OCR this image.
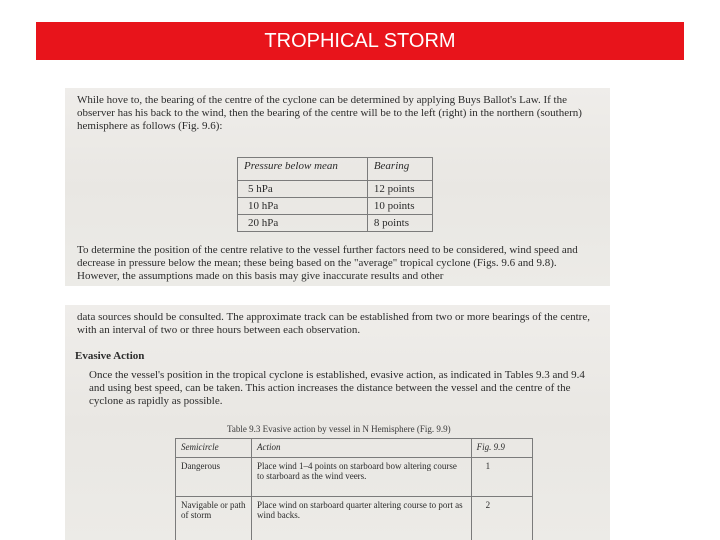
TROPHICAL STORM

While hove to, the bearing of the centre of the cyclone can be determined by applying Buys Ballot's Law. If the observer has his back to the wind, then the bearing of the centre will be to the left (right) in the northern (southern) hemisphere as follows (Fig. 9.6):

Pressure below mean	Bearing
5 hPa	12 points
10 hPa	10 points
20 hPa	8 points

To determine the position of the centre relative to the vessel further factors need to be considered, wind speed and decrease in pressure below the mean; these being based on the "average" tropical cyclone (Figs. 9.6 and 9.8). However, the assumptions made on this basis may give inaccurate results and other

data sources should be consulted. The approximate track can be established from two or more bearings of the centre, with an interval of two or three hours between each observation.

Evasive Action

Once the vessel's position in the tropical cyclone is established, evasive action, as indicated in Tables 9.3 and 9.4 and using best speed, can be taken. This action increases the distance between the vessel and the centre of the cyclone as rapidly as possible.

Table 9.3 Evasive action by vessel in N Hemisphere (Fig. 9.9)

Semicircle	Action	Fig. 9.9
Dangerous	Place wind 1–4 points on starboard bow altering course to starboard as the wind veers.	1
Navigable or path of storm	Place wind on starboard quarter altering course to port as wind backs.	2
